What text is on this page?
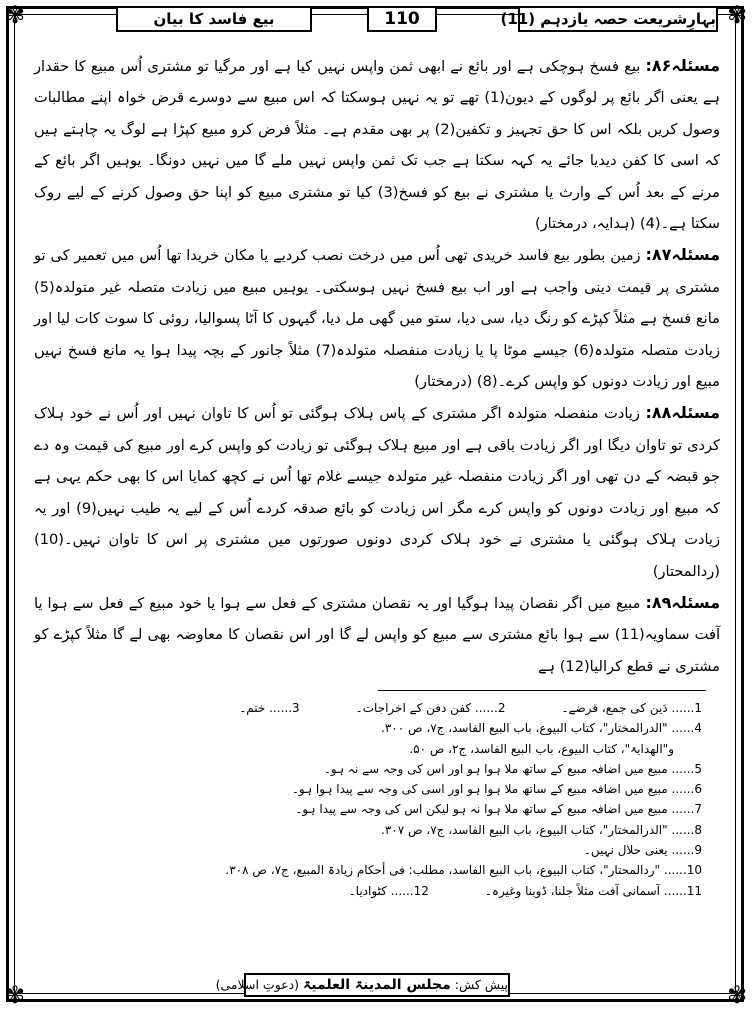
✾	✾
✾	✾
بہارِشریعت حصہ یازدہم (11)
110
بیع فاسد کا بیان

مسئلہ۸۶: بیع فسخ ہوچکی ہے اور بائع نے ابھی ثمن واپس نہیں کیا ہے اور مرگیا تو مشتری اُس مبیع کا حقدار ہے یعنی اگر بائع پر لوگوں کے دیون(1) تھے تو یہ نہیں ہوسکتا کہ اس مبیع سے دوسرے قرض خواہ اپنے مطالبات وصول کریں بلکہ اس کا حق تجہیز و تکفین(2) پر بھی مقدم ہے۔ مثلاً فرض کرو مبیع کپڑا ہے لوگ یہ چاہتے ہیں کہ اسی کا کفن دیدیا جائے یہ کہہ سکتا ہے جب تک ثمن واپس نہیں ملے گا میں نہیں دونگا۔ یوہیں اگر بائع کے مرنے کے بعد اُس کے وارث یا مشتری نے بیع کو فسخ(3) کیا تو مشتری مبیع کو اپنا حق وصول کرنے کے لیے روک سکتا ہے۔(4) (ہدایہ، درمختار)

مسئلہ۸۷: زمین بطور بیع فاسد خریدی تھی اُس میں درخت نصب کردیے یا مکان خریدا تھا اُس میں تعمیر کی تو مشتری پر قیمت دینی واجب ہے اور اب بیع فسخ نہیں ہوسکتی۔ یوہیں مبیع میں زیادت متصلہ غیر متولدہ(5) مانع فسخ ہے مثلاً کپڑے کو رنگ دیا، سی دیا، ستو میں گھی مل دیا، گیہوں کا آٹا پسوالیا، روئی کا سوت کات لیا اور زیادت متصلہ متولدہ(6) جیسے موٹا پا یا زیادت منفصلہ متولدہ(7) مثلاً جانور کے بچہ پیدا ہوا یہ مانع فسخ نہیں مبیع اور زیادت دونوں کو واپس کرے۔(8) (درمختار)

مسئلہ۸۸: زیادت منفصلہ متولدہ اگر مشتری کے پاس ہلاک ہوگئی تو اُس کا تاوان نہیں اور اُس نے خود ہلاک کردی تو تاوان دیگا اور اگر زیادت باقی ہے اور مبیع ہلاک ہوگئی تو زیادت کو واپس کرے اور مبیع کی قیمت وہ دے جو قبضہ کے دن تھی اور اگر زیادت منفصلہ غیر متولدہ جیسے غلام تھا اُس نے کچھ کمایا اس کا بھی حکم یہی ہے کہ مبیع اور زیادت دونوں کو واپس کرے مگر اس زیادت کو بائع صدقہ کردے اُس کے لیے یہ طیب نہیں(9) اور یہ زیادت ہلاک ہوگئی یا مشتری نے خود ہلاک کردی دونوں صورتوں میں مشتری پر اس کا تاوان نہیں۔(10) (ردالمحتار)

مسئلہ۸۹: مبیع میں اگر نقصان پیدا ہوگیا اور یہ نقصان مشتری کے فعل سے ہوا یا خود مبیع کے فعل سے ہوا یا آفت سماویہ(11) سے ہوا بائع مشتری سے مبیع کو واپس لے گا اور اس نقصان کا معاوضہ بھی لے گا مثلاً کپڑے کو مشتری نے قطع کرالیا(12) ہے

1...... دَین کی جمع، قرضے۔
2...... کفن دفن کے اخراجات۔
3...... ختم۔

4...... "الدرالمختار"، کتاب البیوع، باب البیع الفاسد، ج۷، ص ۳۰۰.

و"الھدایۃ"، کتاب البیوع، باب البیع الفاسد، ج۲، ص ۵۰.

5...... مبیع میں اضافہ مبیع کے ساتھ ملا ہوا ہو اور اس کی وجہ سے نہ ہو۔

6...... مبیع میں اضافہ مبیع کے ساتھ ملا ہوا ہو اور اسی کی وجہ سے پیدا ہوا ہو۔

7...... مبیع میں اضافہ مبیع کے ساتھ ملا ہوا نہ ہو لیکن اس کی وجہ سے پیدا ہو۔

8...... "الدرالمختار"، کتاب البیوع، باب البیع الفاسد، ج۷، ص ۳۰۷.

9...... یعنی حلال نہیں۔

10...... "ردالمحتار"، کتاب البیوع، باب البیع الفاسد، مطلب: فی أحکام زیادۃ المبیع، ج۷، ص ۳۰۸.

11...... آسمانی آفت مثلاً جلنا، ڈوبنا وغیرہ۔
12...... کٹوادیا۔
پیش کش: مجلس المدینۃ العلمیۃ (دعوتِ اسلامی)
